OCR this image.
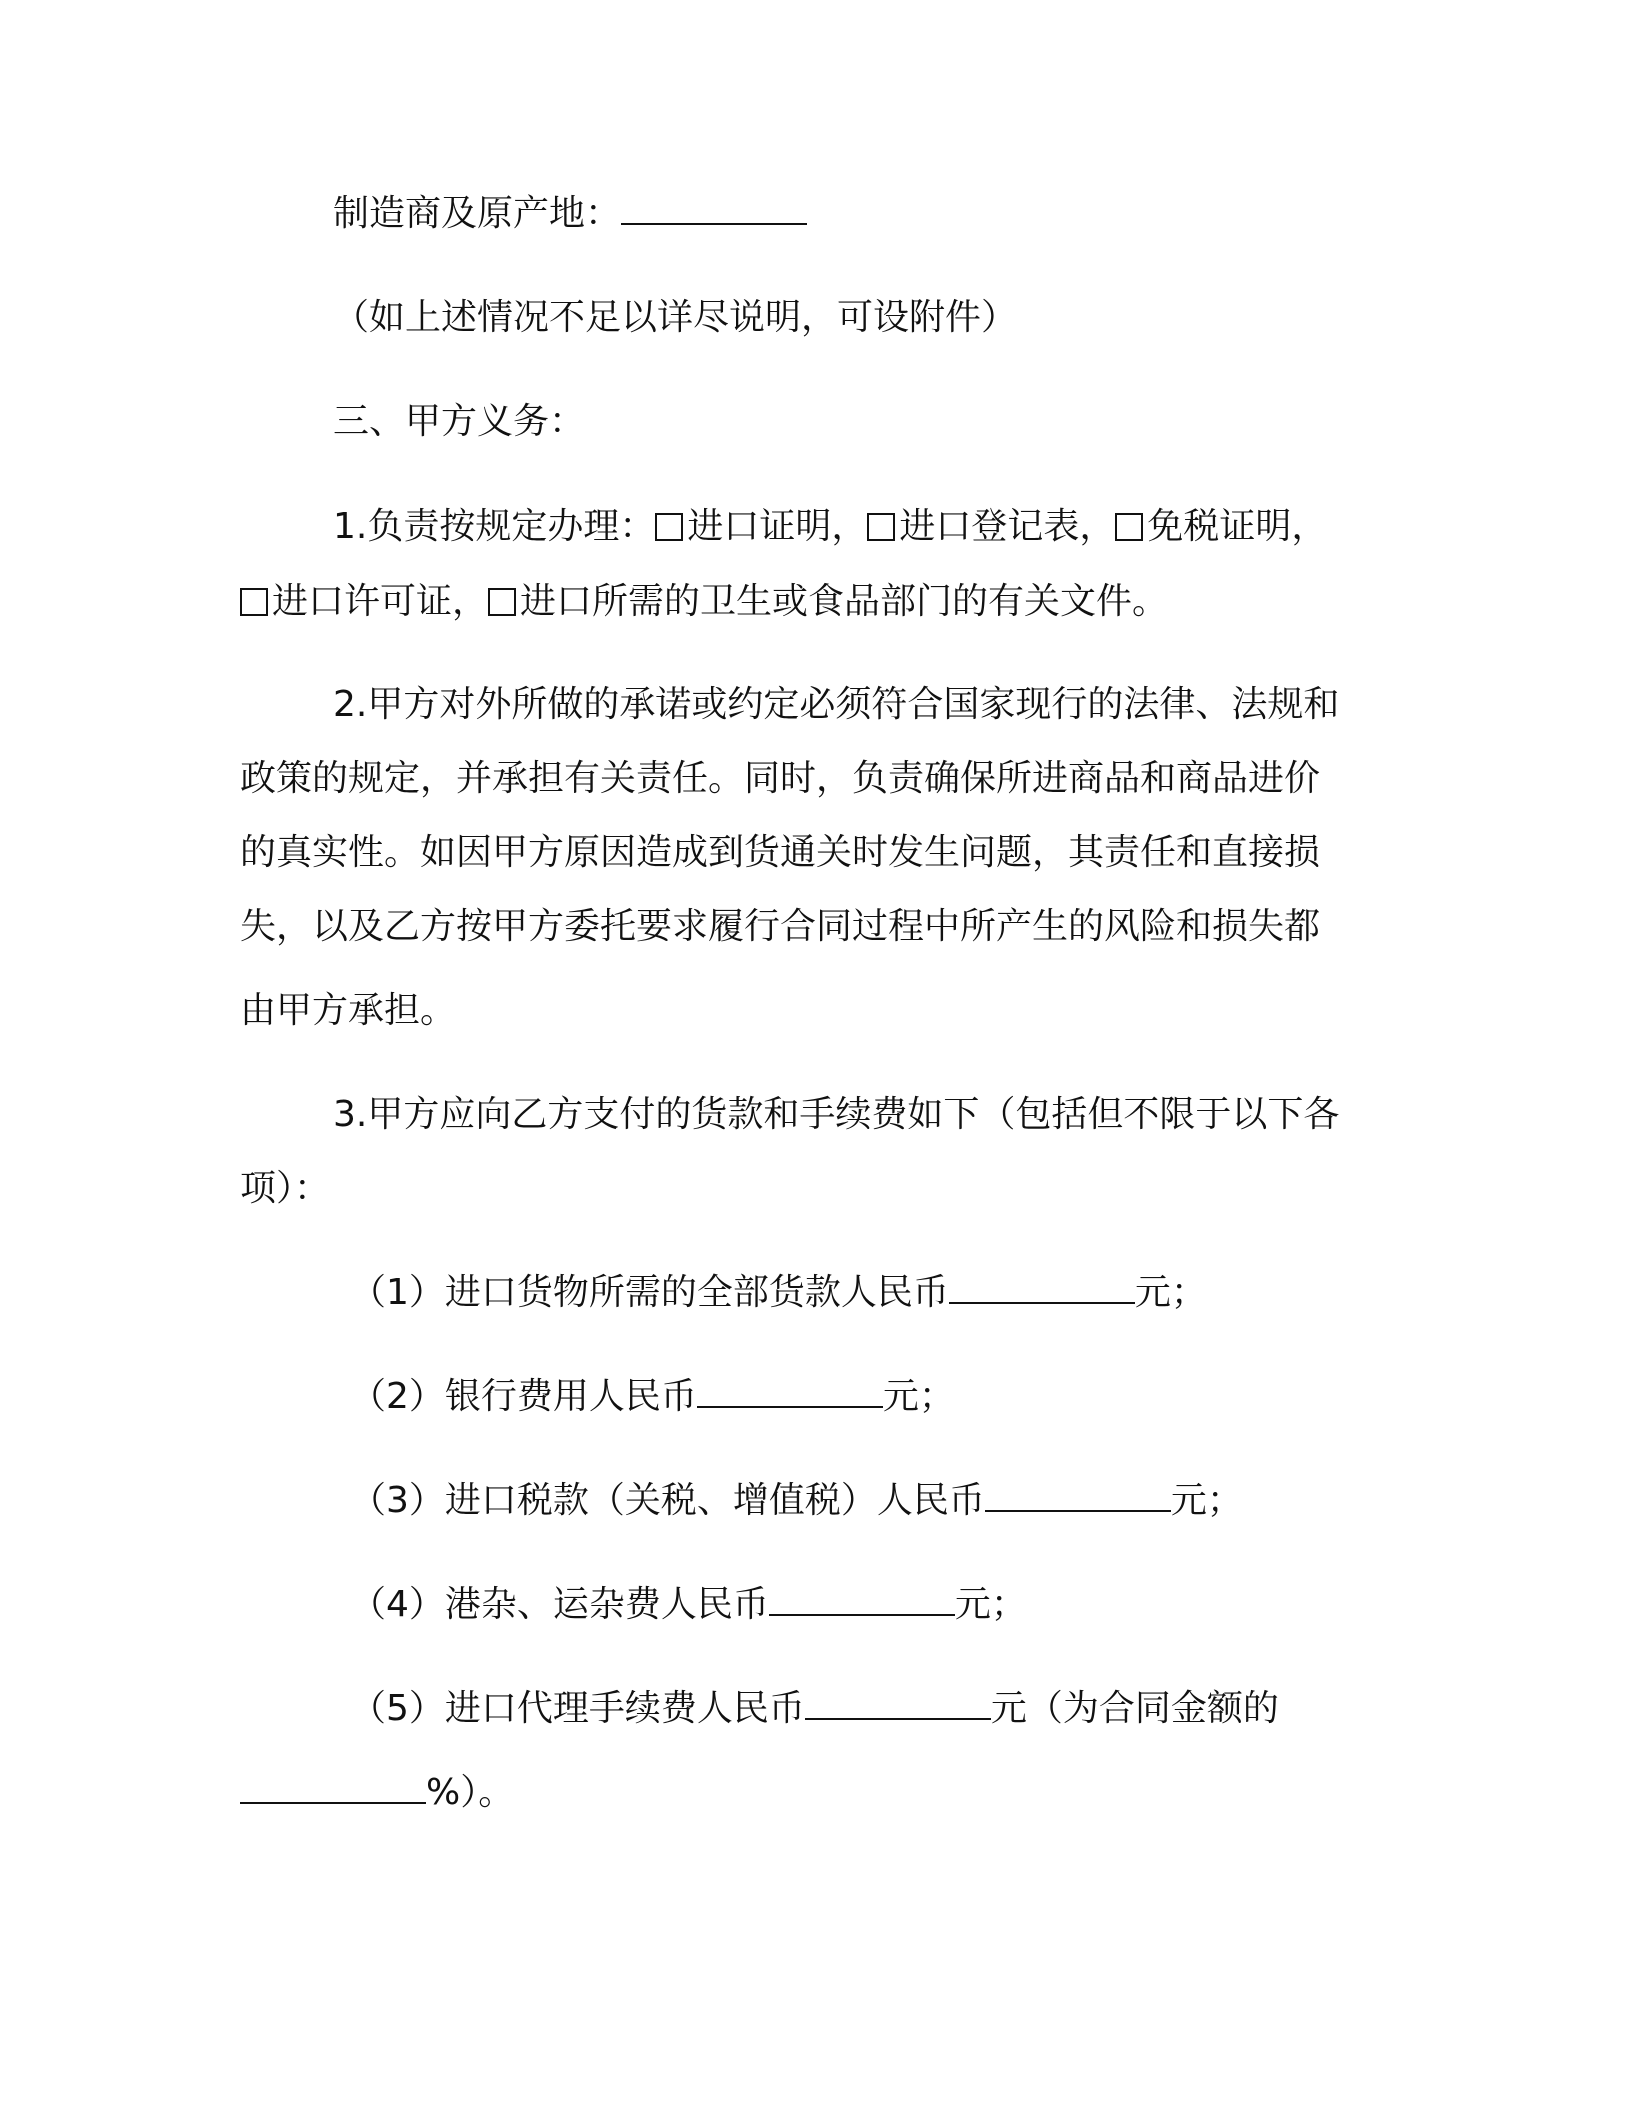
制造商及原产地：
（如上述情况不足以详尽说明，可设附件）
三、甲方义务：
1.负责按规定办理： 进口证明， 进口登记表， 免税证明，
进口许可证， 进口所需的卫生或食品部门的有关文件。
2.甲方对外所做的承诺或约定必须符合国家现行的法律、法规和
政策的规定，并承担有关责任。同时，负责确保所进商品和商品进价
的真实性。如因甲方原因造成到货通关时发生问题，其责任和直接损
失，以及乙方按甲方委托要求履行合同过程中所产生的风险和损失都
由甲方承担。
3.甲方应向乙方支付的货款和手续费如下（包括但不限于以下各
项）：
（1）进口货物所需的全部货款人民币	元；
（2）银行费用人民币	元；
（3）进口税款（关税、增值税）人民币	元；
（4）港杂、运杂费人民币	元；
（5）进口代理手续费人民币	元（为合同金额的
%）。
